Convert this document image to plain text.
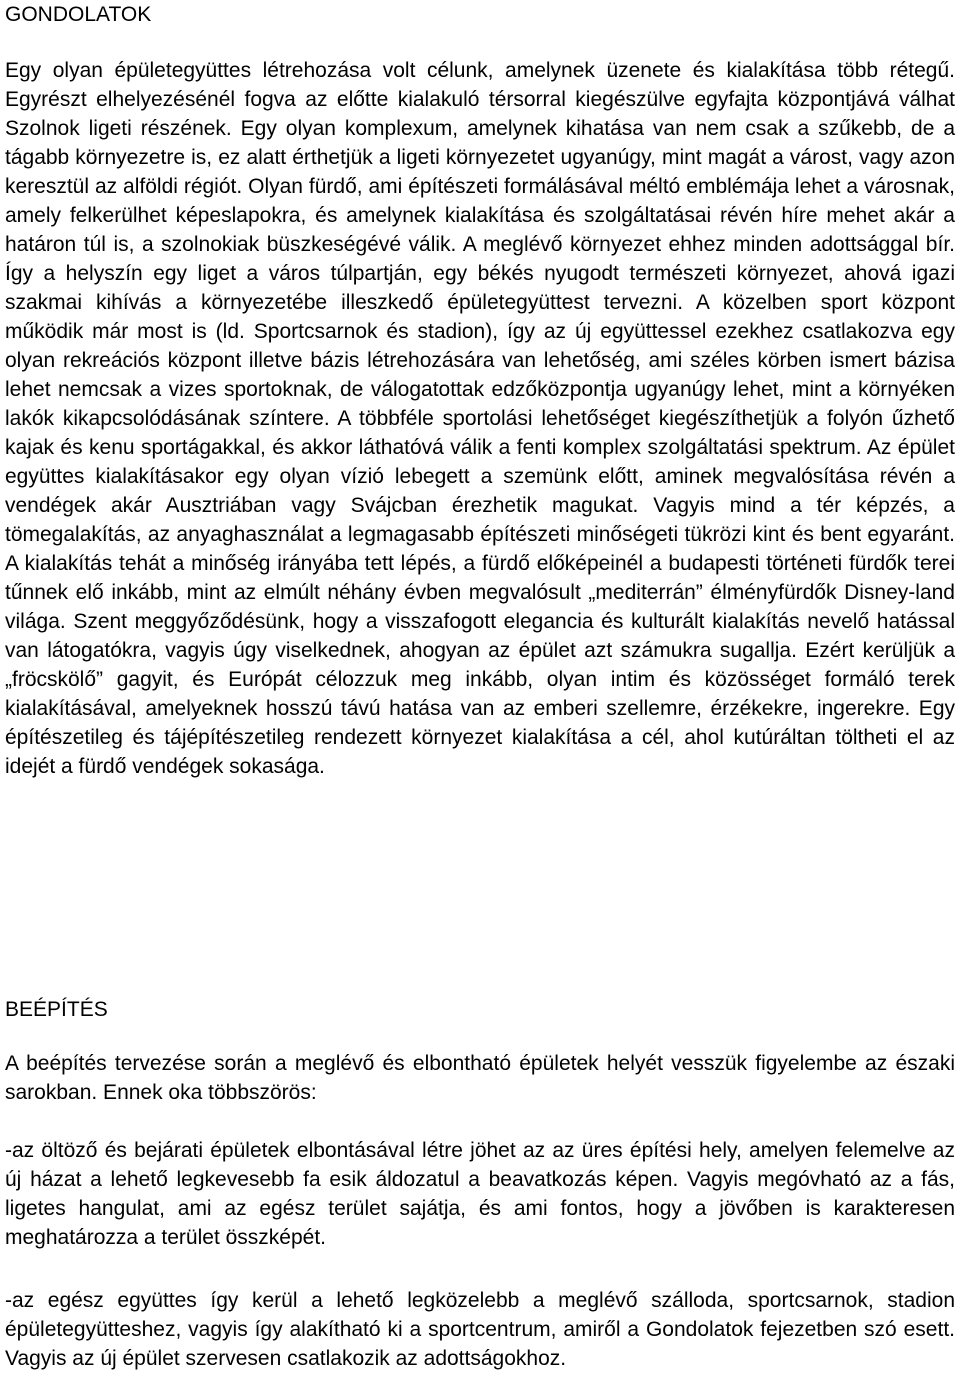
GONDOLATOK

Egy olyan épületegyüttes létrehozása volt célunk, amelynek üzenete és kialakítása több rétegű. Egyrészt elhelyezésénél fogva az előtte kialakuló térsorral kiegészülve egyfajta központjává válhat Szolnok ligeti részének. Egy olyan komplexum, amelynek kihatása van nem csak a szűkebb, de a tágabb környezetre is, ez alatt érthetjük a ligeti környezetet ugyanúgy, mint magát a várost, vagy azon keresztül az alföldi régiót. Olyan fürdő, ami építészeti formálásával méltó emblémája lehet a városnak, amely felkerülhet képeslapokra, és amelynek kialakítása és szolgáltatásai révén híre mehet akár a határon túl is, a szolnokiak büszkeségévé válik. A meglévő környezet ehhez minden adottsággal bír. Így a helyszín egy liget a város túlpartján, egy békés nyugodt természeti környezet, ahová igazi szakmai kihívás a környezetébe illeszkedő épületegyüttest tervezni. A közelben sport központ működik már most is (ld. Sportcsarnok és stadion), így az új együttessel ezekhez csatlakozva egy olyan rekreációs központ illetve bázis létrehozására van lehetőség, ami széles körben ismert bázisa lehet nemcsak a vizes sportoknak, de válogatottak edzőközpontja ugyanúgy lehet, mint a környéken lakók kikapcsolódásának színtere. A többféle sportolási lehetőséget kiegészíthetjük a folyón űzhető kajak és kenu sportágakkal, és akkor láthatóvá válik a fenti komplex szolgáltatási spektrum. Az épület együttes kialakításakor egy olyan vízió lebegett a szemünk előtt, aminek megvalósítása révén a vendégek akár Ausztriában vagy Svájcban érezhetik magukat. Vagyis mind a tér képzés, a tömegalakítás, az anyaghasználat a legmagasabb építészeti minőségeti tükrözi kint és bent egyaránt. A kialakítás tehát a minőség irányába tett lépés, a fürdő előképeinél a budapesti történeti fürdők terei tűnnek elő inkább, mint az elmúlt néhány évben megvalósult „mediterrán” élményfürdők Disney-land világa. Szent meggyőződésünk, hogy a visszafogott elegancia és kulturált kialakítás nevelő hatással van látogatókra, vagyis úgy viselkednek, ahogyan az épület azt számukra sugallja. Ezért kerüljük a „fröcskölő” gagyit, és Európát célozzuk meg inkább, olyan intim és közösséget formáló terek kialakításával, amelyeknek hosszú távú hatása van az emberi szellemre, érzékekre, ingerekre. Egy építészetileg és tájépítészetileg rendezett környezet kialakítása a cél, ahol kutúráltan töltheti el az idejét a fürdő vendégek sokasága.

BEÉPÍTÉS

A beépítés tervezése során a meglévő és elbontható épületek helyét vesszük figyelembe az északi sarokban. Ennek oka többszörös:

-az öltöző és bejárati épületek elbontásával létre jöhet az az üres építési hely, amelyen felemelve az új házat a lehető legkevesebb fa esik áldozatul a beavatkozás képen. Vagyis megóvható az a fás, ligetes hangulat, ami az egész terület sajátja, és ami fontos, hogy a jövőben is karakteresen meghatározza a terület összképét.

-az egész együttes így kerül a lehető legközelebb a meglévő szálloda, sportcsarnok, stadion épületegyütteshez, vagyis így alakítható ki a sportcentrum, amiről a Gondolatok fejezetben szó esett. Vagyis az új épület szervesen csatlakozik az adottságokhoz.
